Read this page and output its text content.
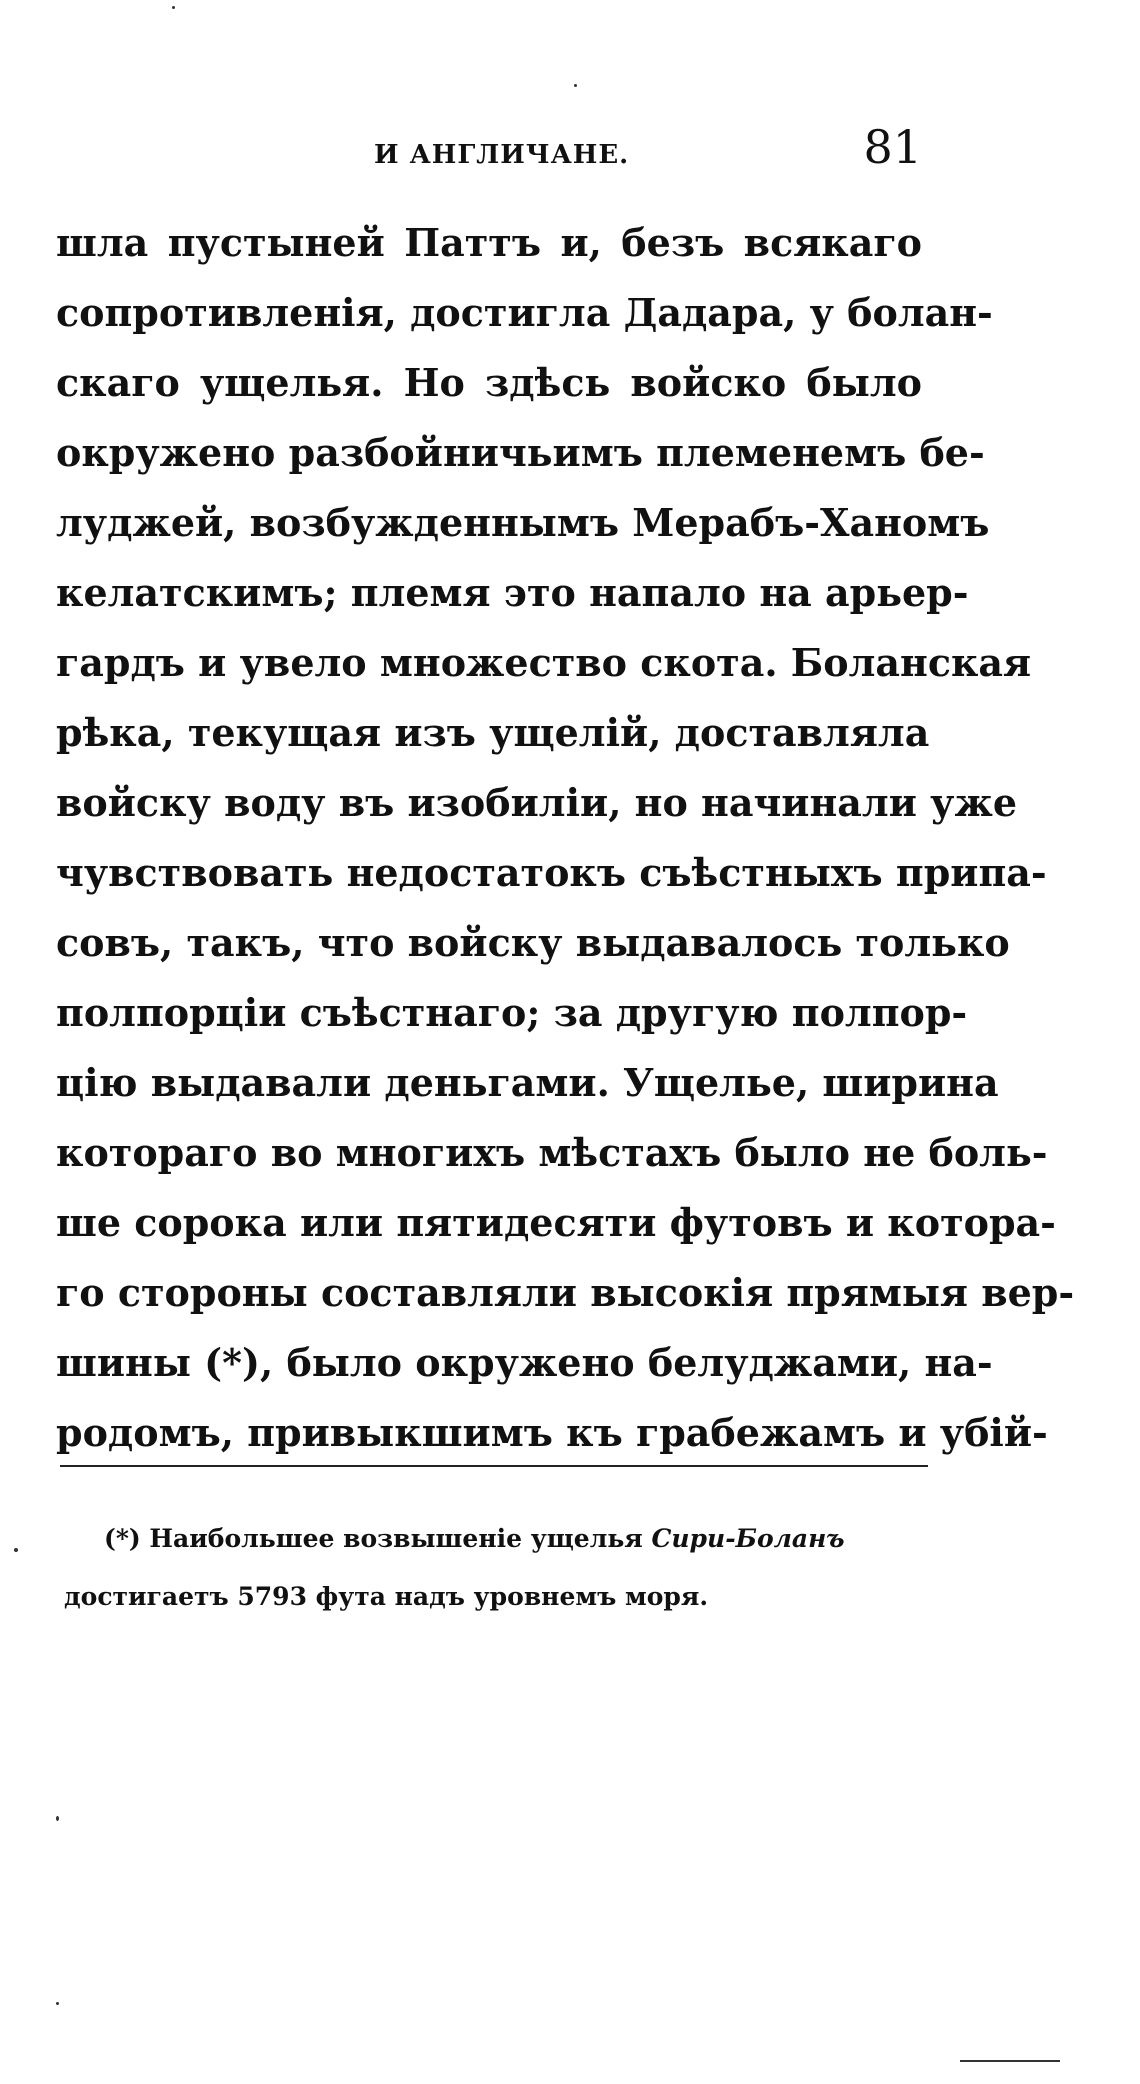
И АНГЛИЧАНЕ.	81
шла пустыней Паттъ и, безъ всякаго
сопротивленія, достигла Дадара, у болан-
скаго ущелья. Но здѣсь войско было
окружено разбойничьимъ племенемъ бе-
луджей, возбужденнымъ Мерабъ-Ханомъ
келатскимъ; племя это напало на арьер-
гардъ и увело множество скота. Боланская
рѣка, текущая изъ ущелій, доставляла
войску воду въ изобиліи, но начинали уже
чувствовать недостатокъ съѣстныхъ припа-
совъ, такъ, что войску выдавалось только
полпорціи съѣстнаго; за другую полпор-
цію выдавали деньгами. Ущелье, ширина
котораго во многихъ мѣстахъ было не боль-
ше сорока или пятидесяти футовъ и котора-
го стороны составляли высокія прямыя вер-
шины (*), было окружено белуджами, на-
родомъ, привыкшимъ къ грабежамъ и убій-
(*) Наибольшее возвышеніе ущелья Сири-Боланъ
достигаетъ 5793 фута надъ уровнемъ моря.
